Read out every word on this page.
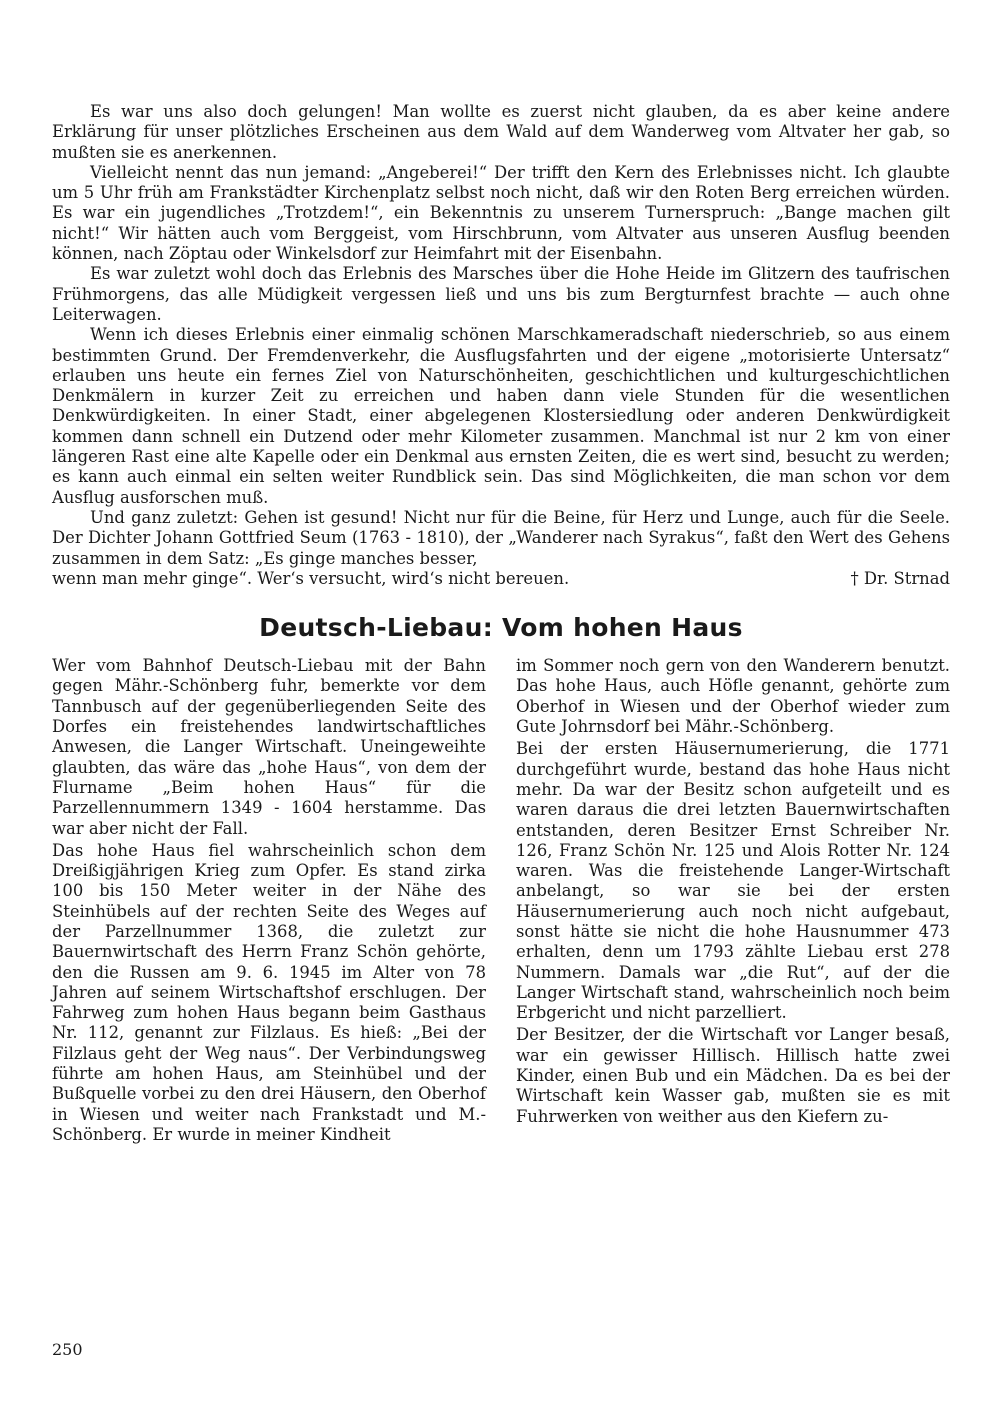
Es war uns also doch gelungen! Man wollte es zuerst nicht glauben, da es aber keine andere Erklärung für unser plötzliches Erscheinen aus dem Wald auf dem Wanderweg vom Altvater her gab, so mußten sie es anerkennen.

Vielleicht nennt das nun jemand: „Angeberei!“ Der trifft den Kern des Erlebnisses nicht. Ich glaubte um 5 Uhr früh am Frankstädter Kirchenplatz selbst noch nicht, daß wir den Roten Berg erreichen würden. Es war ein jugendliches „Trotzdem!“, ein Bekenntnis zu unserem Turnerspruch: „Bange machen gilt nicht!“ Wir hätten auch vom Berggeist, vom Hirschbrunn, vom Altvater aus unseren Ausflug beenden können, nach Zöptau oder Winkelsdorf zur Heimfahrt mit der Eisenbahn.

Es war zuletzt wohl doch das Erlebnis des Marsches über die Hohe Heide im Glitzern des taufrischen Frühmorgens, das alle Müdigkeit vergessen ließ und uns bis zum Bergturnfest brachte — auch ohne Leiterwagen.

Wenn ich dieses Erlebnis einer einmalig schönen Marschkameradschaft niederschrieb, so aus einem bestimmten Grund. Der Fremdenverkehr, die Ausflugsfahrten und der eigene „motorisierte Untersatz“ erlauben uns heute ein fernes Ziel von Naturschönheiten, geschichtlichen und kulturgeschichtlichen Denkmälern in kurzer Zeit zu erreichen und haben dann viele Stunden für die wesentlichen Denkwürdigkeiten. In einer Stadt, einer abgelegenen Klostersiedlung oder anderen Denkwürdigkeit kommen dann schnell ein Dutzend oder mehr Kilometer zusammen. Manchmal ist nur 2 km von einer längeren Rast eine alte Kapelle oder ein Denkmal aus ernsten Zeiten, die es wert sind, besucht zu werden; es kann auch einmal ein selten weiter Rundblick sein. Das sind Möglichkeiten, die man schon vor dem Ausflug ausforschen muß.

Und ganz zuletzt: Gehen ist gesund! Nicht nur für die Beine, für Herz und Lunge, auch für die Seele. Der Dichter Johann Gottfried Seum (1763 - 1810), der „Wanderer nach Syrakus“, faßt den Wert des Gehens zusammen in dem Satz: „Es ginge manches besser,

wenn man mehr ginge“. Wer‘s versucht, wird‘s nicht bereuen.	† Dr. Strnad

Deutsch-Liebau: Vom hohen Haus

Wer vom Bahnhof Deutsch-Liebau mit der Bahn gegen Mähr.-Schönberg fuhr, bemerkte vor dem Tannbusch auf der gegenüberliegenden Seite des Dorfes ein freistehendes landwirtschaftliches Anwesen, die Langer Wirtschaft. Uneingeweihte glaubten, das wäre das „hohe Haus“, von dem der Flurname „Beim hohen Haus“ für die Parzellennummern 1349 - 1604 herstamme. Das war aber nicht der Fall.

Das hohe Haus fiel wahrscheinlich schon dem Dreißigjährigen Krieg zum Opfer. Es stand zirka 100 bis 150 Meter weiter in der Nähe des Steinhübels auf der rechten Seite des Weges auf der Parzellnummer 1368, die zuletzt zur Bauernwirtschaft des Herrn Franz Schön gehörte, den die Russen am 9. 6. 1945 im Alter von 78 Jahren auf seinem Wirtschaftshof erschlugen. Der Fahrweg zum hohen Haus begann beim Gasthaus Nr. 112, genannt zur Filzlaus. Es hieß: „Bei der Filzlaus geht der Weg naus“. Der Verbindungsweg führte am hohen Haus, am Steinhübel und der Bußquelle vorbei zu den drei Häusern, den Oberhof in Wiesen und weiter nach Frankstadt und M.-Schönberg. Er wurde in meiner Kindheit

im Sommer noch gern von den Wanderern benutzt. Das hohe Haus, auch Höfle genannt, gehörte zum Oberhof in Wiesen und der Oberhof wieder zum Gute Johrnsdorf bei Mähr.-Schönberg.

Bei der ersten Häusernumerierung, die 1771 durchgeführt wurde, bestand das hohe Haus nicht mehr. Da war der Besitz schon aufgeteilt und es waren daraus die drei letzten Bauernwirtschaften entstanden, deren Besitzer Ernst Schreiber Nr. 126, Franz Schön Nr. 125 und Alois Rotter Nr. 124 waren. Was die freistehende Langer-Wirtschaft anbelangt, so war sie bei der ersten Häusernumerierung auch noch nicht aufgebaut, sonst hätte sie nicht die hohe Hausnummer 473 erhalten, denn um 1793 zählte Liebau erst 278 Nummern. Damals war „die Rut“, auf der die Langer Wirtschaft stand, wahrscheinlich noch beim Erbgericht und nicht parzelliert.

Der Besitzer, der die Wirtschaft vor Langer besaß, war ein gewisser Hillisch. Hillisch hatte zwei Kinder, einen Bub und ein Mädchen. Da es bei der Wirtschaft kein Wasser gab, mußten sie es mit Fuhrwerken von weither aus den Kiefern zu-

250
